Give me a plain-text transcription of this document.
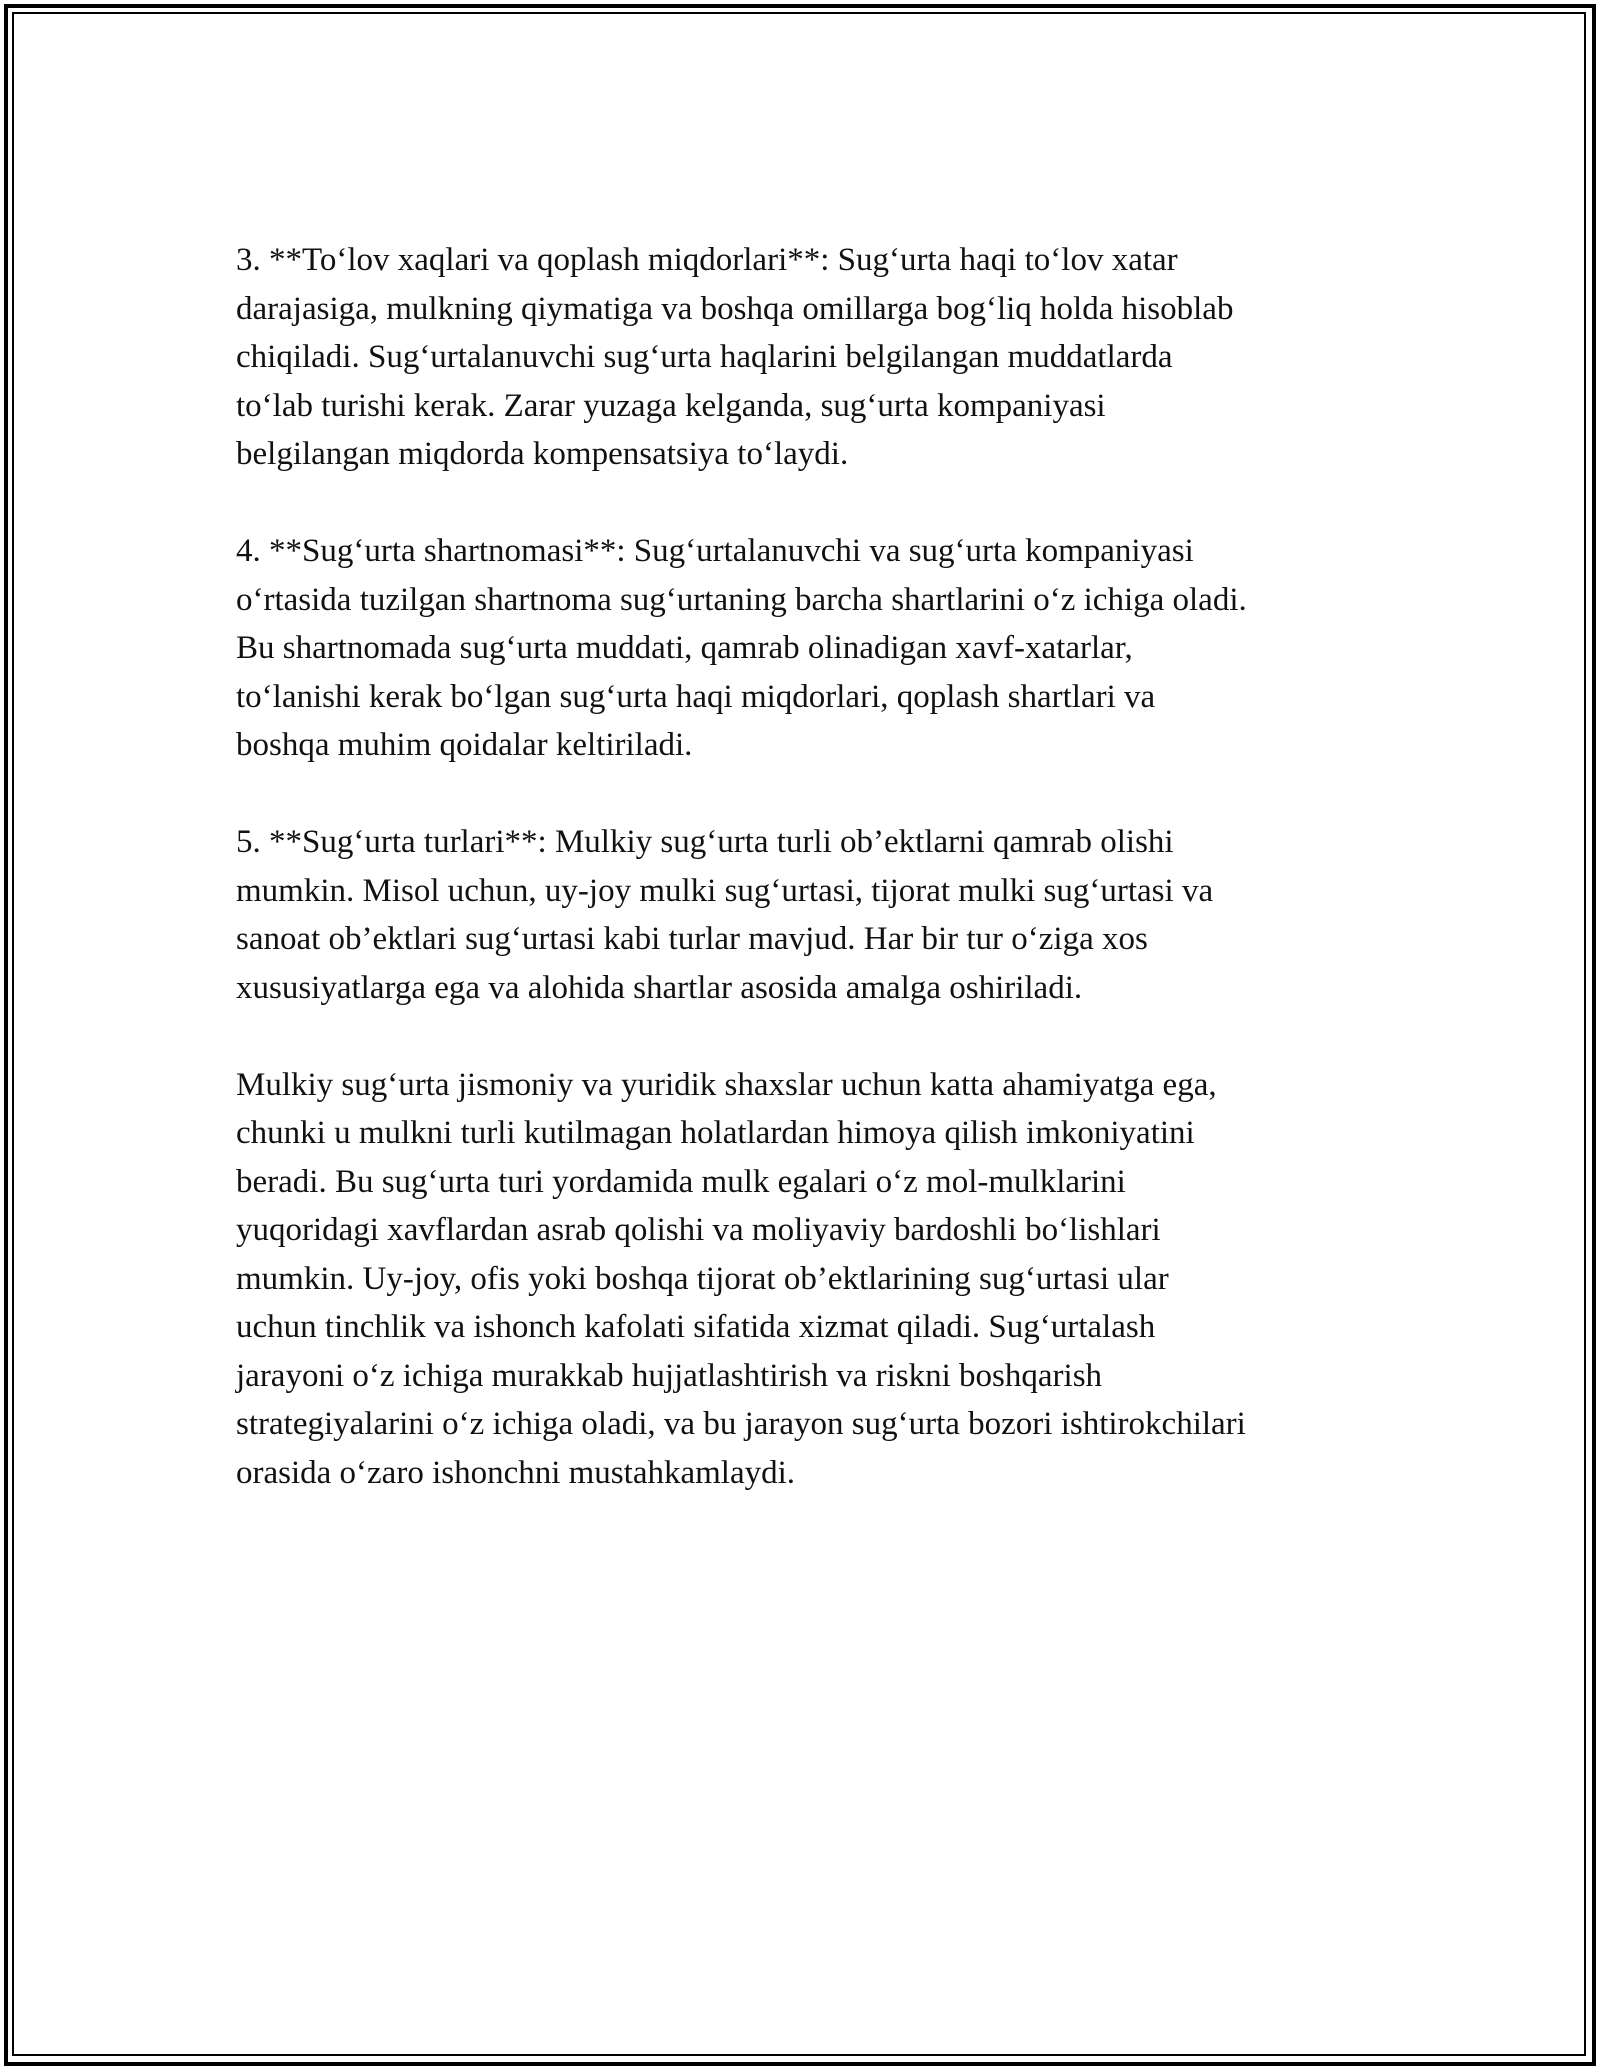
3. **To‘lov xaqlari va qoplash miqdorlari**: Sug‘urta haqi to‘lov xatar
darajasiga, mulkning qiymatiga va boshqa omillarga bog‘liq holda hisoblab
chiqiladi. Sug‘urtalanuvchi sug‘urta haqlarini belgilangan muddatlarda
to‘lab turishi kerak. Zarar yuzaga kelganda, sug‘urta kompaniyasi
belgilangan miqdorda kompensatsiya to‘laydi.

4. **Sug‘urta shartnomasi**: Sug‘urtalanuvchi va sug‘urta kompaniyasi
o‘rtasida tuzilgan shartnoma sug‘urtaning barcha shartlarini o‘z ichiga oladi.
Bu shartnomada sug‘urta muddati, qamrab olinadigan xavf-xatarlar,
to‘lanishi kerak bo‘lgan sug‘urta haqi miqdorlari, qoplash shartlari va
boshqa muhim qoidalar keltiriladi.

5. **Sug‘urta turlari**: Mulkiy sug‘urta turli ob’ektlarni qamrab olishi
mumkin. Misol uchun, uy-joy mulki sug‘urtasi, tijorat mulki sug‘urtasi va
sanoat ob’ektlari sug‘urtasi kabi turlar mavjud. Har bir tur o‘ziga xos
xususiyatlarga ega va alohida shartlar asosida amalga oshiriladi.

Mulkiy sug‘urta jismoniy va yuridik shaxslar uchun katta ahamiyatga ega,
chunki u mulkni turli kutilmagan holatlardan himoya qilish imkoniyatini
beradi. Bu sug‘urta turi yordamida mulk egalari o‘z mol-mulklarini
yuqoridagi xavflardan asrab qolishi va moliyaviy bardoshli bo‘lishlari
mumkin. Uy-joy, ofis yoki boshqa tijorat ob’ektlarining sug‘urtasi ular
uchun tinchlik va ishonch kafolati sifatida xizmat qiladi. Sug‘urtalash
jarayoni o‘z ichiga murakkab hujjatlashtirish va riskni boshqarish
strategiyalarini o‘z ichiga oladi, va bu jarayon sug‘urta bozori ishtirokchilari
orasida o‘zaro ishonchni mustahkamlaydi.
